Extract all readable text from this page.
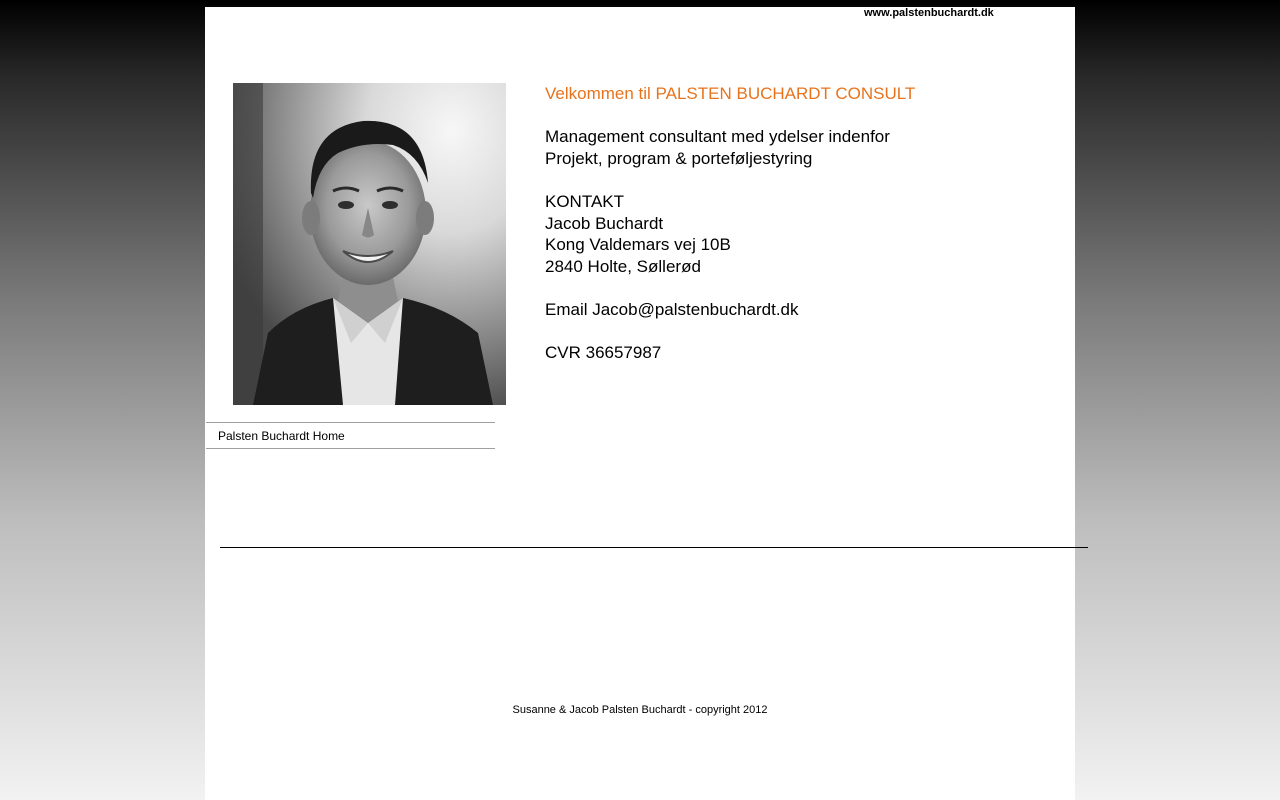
www.palstenbuchardt.dk
Palsten Buchardt Home

Velkommen til PALSTEN BUCHARDT CONSULT

Management consultant med ydelser indenfor

Projekt, program & porteføljestyring

KONTAKT

Jacob Buchardt

Kong Valdemars vej 10B

2840 Holte, Søllerød

Email Jacob@palstenbuchardt.dk

CVR 36657987

Susanne & Jacob Palsten Buchardt - copyright 2012
